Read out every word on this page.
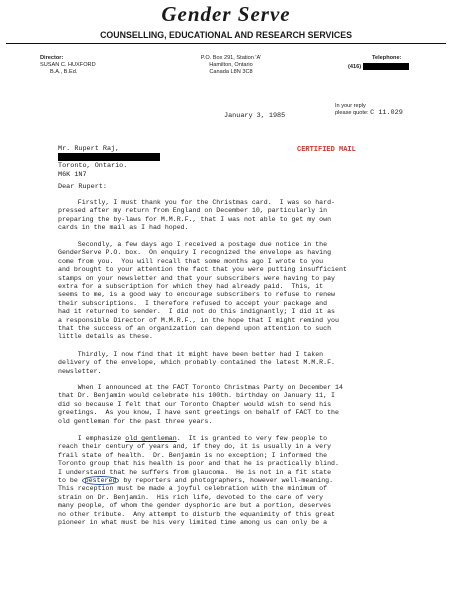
Gender Serve
COUNSELLING, EDUCATIONAL AND RESEARCH SERVICES
Director:
SUSAN C. HUXFORD
B.A., B.Ed.
P.O. Box 291, Station 'A'
Hamilton, Ontario
Canada L8N 3C8
Telephone:
(416)
In your reply
please quote: C 11.029
January 3, 1985
Mr. Rupert Raj,
Toronto, Ontario.
M6K 1N7
CERTIFIED MAIL
Dear Rupert:

Firstly, I must thank you for the Christmas card.  I was so hard-
pressed after my return from England on December 10, particularly in
preparing the by-laws for M.M.R.F., that I was not able to get my own
cards in the mail as I had hoped.

Secondly, a few days ago I received a postage due notice in the
GenderServe P.O. box.  On enquiry I recognized the envelope as having
come from you.  You will recall that some months ago I wrote to you
and brought to your attention the fact that you were putting insufficient
stamps on your newsletter and that your subscribers were having to pay
extra for a subscription for which they had already paid.  This, it
seems to me, is a good way to encourage subscribers to refuse to renew
their subscriptions.  I therefore refused to accept your package and
had it returned to sender.  I did not do this indignantly; I did it as
a responsible Director of M.M.R.F., in the hope that I might remind you
that the success of an organization can depend upon attention to such
little details as these.

Thirdly, I now find that it might have been better had I taken
delivery of the envelope, which probably contained the latest M.M.R.F.
newsletter.

When I announced at the FACT Toronto Christmas Party on December 14
that Dr. Benjamin would celebrate his 100th. birthday on January 11, I
did so because I felt that our Toronto Chapter would wish to send his
greetings.  As you know, I have sent greetings on behalf of FACT to the
old gentleman for the past three years.

I emphasize old gentleman.  It is granted to very few people to
reach their century of years and, if they do, it is usually in a very
frail state of health.  Dr. Benjamin is no exception; I informed the
Toronto group that his health is poor and that he is practically blind.
I understand that he suffers from glaucoma.  He is not in a fit state
to be pestered by reporters and photographers, however well-meaning.
This reception must be made a joyful celebration with the minimum of
strain on Dr. Benjamin.  His rich life, devoted to the care of very
many people, of whom the gender dysphoric are but a portion, deserves
no other tribute.  Any attempt to disturb the equanimity of this great
pioneer in what must be his very limited time among us can only be a
